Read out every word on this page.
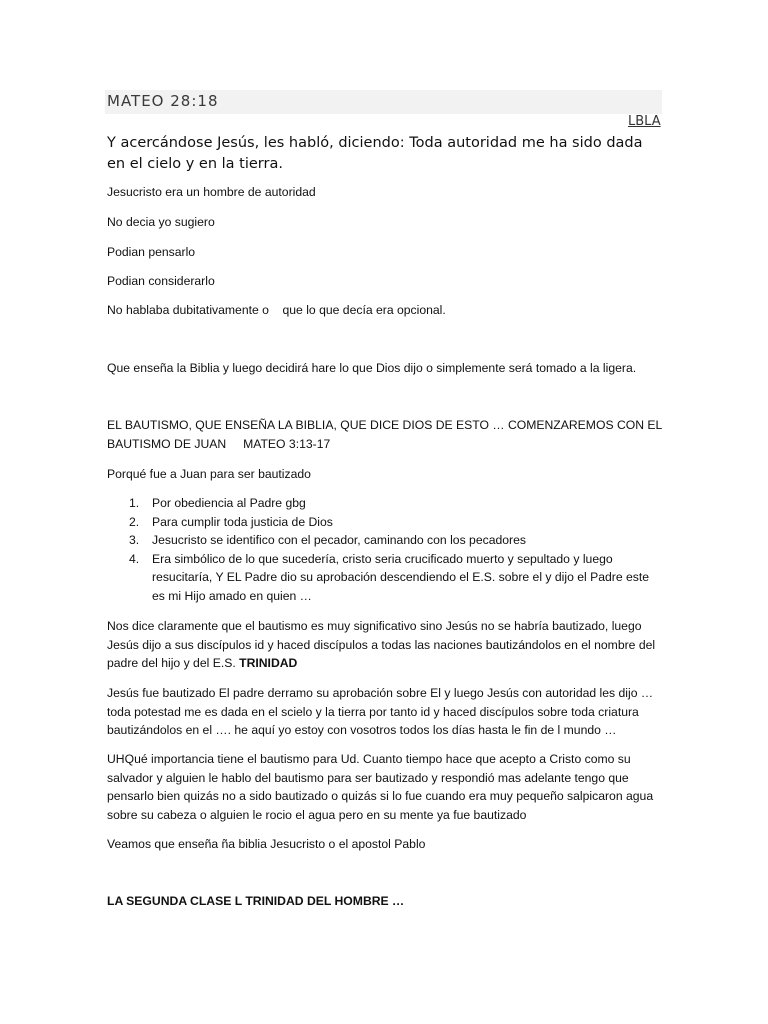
MATEO 28:18
LBLA

Y acercándose Jesús, les habló, diciendo: Toda autoridad me ha sido dada en el cielo y en la tierra.

Jesucristo era un hombre de autoridad

No decia yo sugiero

Podian pensarlo

Podian considerarlo

No hablaba dubitativamente o    que lo que decía era opcional.

Que enseña la Biblia y luego decidirá hare lo que Dios dijo o simplemente será tomado a la ligera.

EL BAUTISMO, QUE ENSEÑA LA BIBLIA, QUE DICE DIOS DE ESTO … COMENZAREMOS CON EL BAUTISMO DE JUAN     MATEO 3:13-17

Porqué fue a Juan para ser bautizado

1.	Por obediencia al Padre gbg
2.	Para cumplir toda justicia de Dios
3.	Jesucristo se identifico con el pecador, caminando con los pecadores
4.	Era simbólico de lo que sucedería, cristo seria crucificado muerto y sepultado y luego resucitaría, Y EL Padre dio su aprobación descendiendo el E.S. sobre el y dijo el Padre este es mi Hijo amado en quien …

Nos dice claramente que el bautismo es muy significativo sino Jesús no se habría bautizado, luego Jesús dijo a sus discípulos id y haced discípulos a todas las naciones bautizándolos en el nombre del padre del hijo y del E.S. TRINIDAD

Jesús fue bautizado El padre derramo su aprobación sobre El y luego Jesús con autoridad les dijo … toda potestad me es dada en el scielo y la tierra por tanto id y haced discípulos sobre toda criatura bautizándolos en el …. he aquí yo estoy con vosotros todos los días hasta le fin de l mundo …

UHQué importancia tiene el bautismo para Ud. Cuanto tiempo hace que acepto a Cristo como su salvador y alguien le hablo del bautismo para ser bautizado y respondió mas adelante tengo que pensarlo bien quizás no a sido bautizado o quizás si lo fue cuando era muy pequeño salpicaron agua sobre su cabeza o alguien le rocio el agua pero en su mente ya fue bautizado

Veamos que enseña ña biblia Jesucristo o el apostol Pablo

LA SEGUNDA CLASE L TRINIDAD DEL HOMBRE …
